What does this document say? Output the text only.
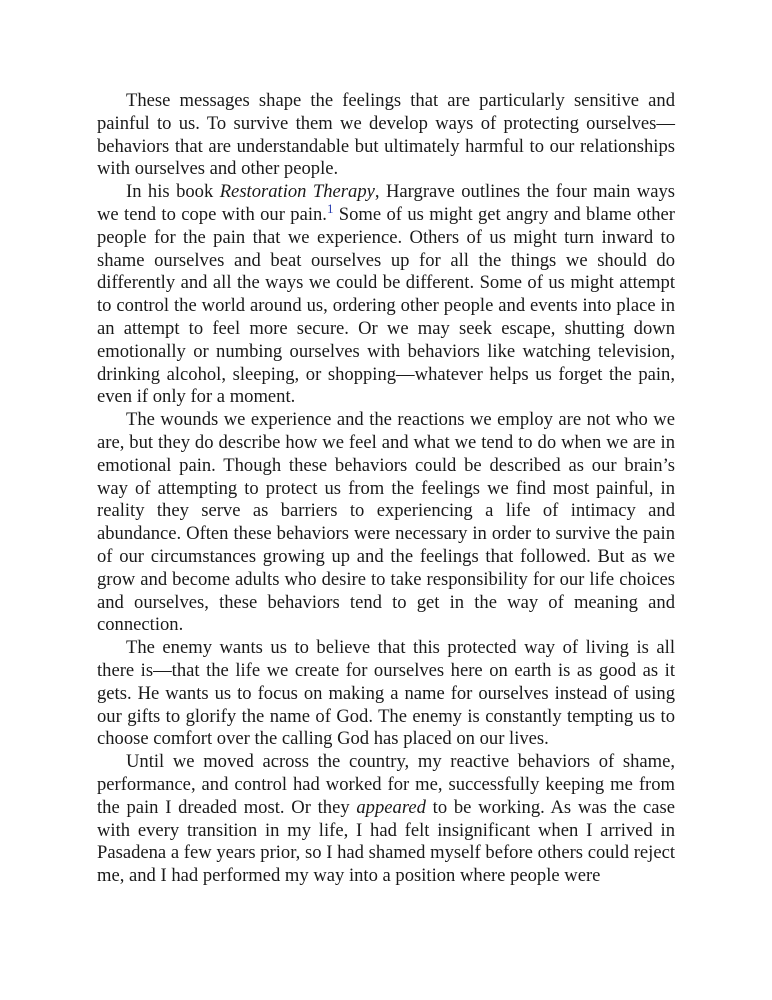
These messages shape the feelings that are particularly sensitive and painful to us. To survive them we develop ways of protecting ourselves—behaviors that are understandable but ultimately harmful to our relationships with ourselves and other people.

In his book Restoration Therapy, Hargrave outlines the four main ways we tend to cope with our pain.$^1$ Some of us might get angry and blame other people for the pain that we experience. Others of us might turn inward to shame ourselves and beat ourselves up for all the things we should do differently and all the ways we could be different. Some of us might attempt to control the world around us, ordering other people and events into place in an attempt to feel more secure. Or we may seek escape, shutting down emotionally or numbing ourselves with behaviors like watching television, drinking alcohol, sleeping, or shopping—whatever helps us forget the pain, even if only for a moment.

The wounds we experience and the reactions we employ are not who we are, but they do describe how we feel and what we tend to do when we are in emotional pain. Though these behaviors could be described as our brain’s way of attempting to protect us from the feelings we find most painful, in reality they serve as barriers to experiencing a life of intimacy and abundance. Often these behaviors were necessary in order to survive the pain of our circumstances growing up and the feelings that followed. But as we grow and become adults who desire to take responsibility for our life choices and ourselves, these behaviors tend to get in the way of meaning and connection.

The enemy wants us to believe that this protected way of living is all there is—that the life we create for ourselves here on earth is as good as it gets. He wants us to focus on making a name for ourselves instead of using our gifts to glorify the name of God. The enemy is constantly tempting us to choose comfort over the calling God has placed on our lives.

Until we moved across the country, my reactive behaviors of shame, performance, and control had worked for me, successfully keeping me from the pain I dreaded most. Or they appeared to be working. As was the case with every transition in my life, I had felt insignificant when I arrived in Pasadena a few years prior, so I had shamed myself before others could reject me, and I had performed my way into a position where people were
